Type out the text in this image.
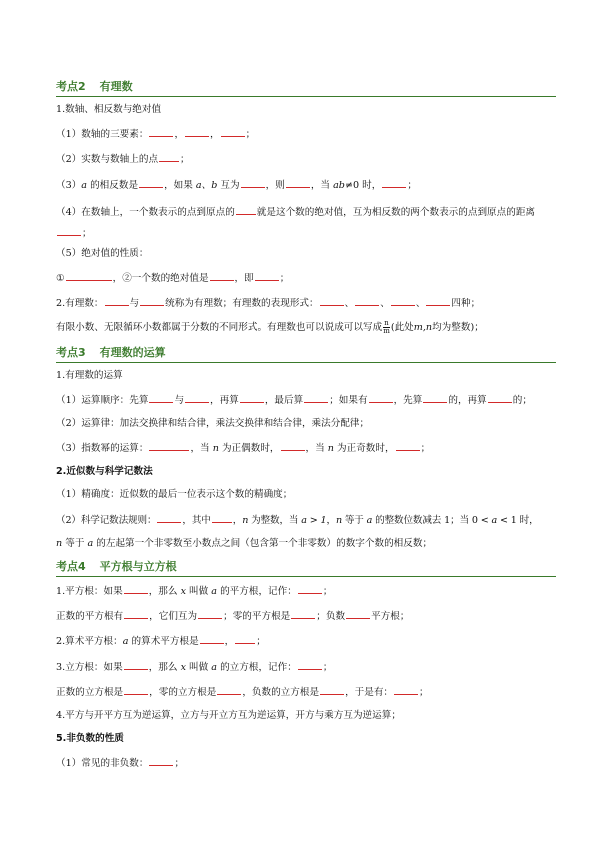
考点2 有理数
1.数轴、相反数与绝对值
（1）数轴的三要素：	，	，	；
（2）实数与数轴上的点 ；
（3）a 的相反数是	，如果 a、b 互为	，则	，当 ab≠0 时，	；
（4）在数轴上，一个数表示的点到原点的 就是这个数的绝对值，互为相反数的两个数表示的点到原点的距离；
（5）绝对值的性质：
①	，②一个数的绝对值是	，即	；
2.有理数：	与	统称为有理数；有理数的表现形式：	、	、	、	四种；
有限小数、无限循环小数都属于分数的不同形式。有理数也可以说成可以写成 $\frac{n}{m}$ (此处m,n均为整数)；
考点3 有理数的运算
1.有理数的运算
（1）运算顺序：先算	与	，再算	，最后算	；如果有	，先算	的，再算	的；
（2）运算律：加法交换律和结合律，乘法交换律和结合律，乘法分配律；
（3）指数幂的运算：	，当 n 为正偶数时，	，当 n 为正奇数时，	；
2.近似数与科学记数法
（1）精确度：近似数的最后一位表示这个数的精确度；
（2）科学记数法规则：	，其中 ，n 为整数，当 a > 1，n 等于 a 的整数位数减去 1；当 0 < a < 1 时，
n 等于 a 的左起第一个非零数至小数点之间（包含第一个非零数）的数字个数的相反数；
考点4 平方根与立方根
1.平方根：如果	，那么 x 叫做 a 的平方根，记作：	；
正数的平方根有	，它们互为	；零的平方根是	；负数	平方根；
2.算术平方根：a 的算术平方根是	， ；
3.立方根：如果	，那么 x 叫做 a 的立方根，记作：	；
正数的立方根是	，零的立方根是	，负数的立方根是	，于是有：	；
4.平方与开平方互为逆运算，立方与开立方互为逆运算，开方与乘方互为逆运算；
5.非负数的性质
（1）常见的非负数：	；
